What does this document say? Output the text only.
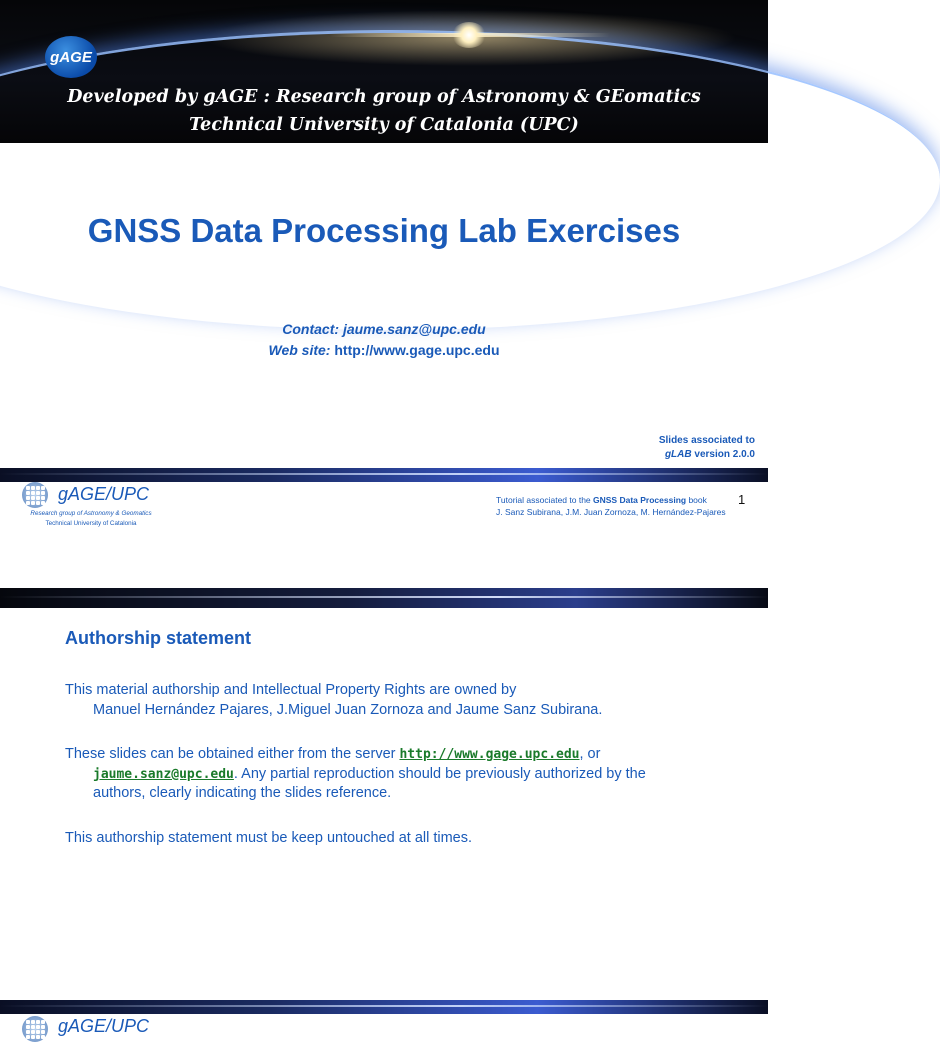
gAGE
Developed by gAGE : Research group of Astronomy & GEomatics
Technical University of Catalonia (UPC)
GNSS Data Processing Lab Exercises
Contact: jaume.sanz@upc.edu
Web site: http://www.gage.upc.edu
Slides associated to
gLAB version 2.0.0
gAGE/UPC
Research group of Astronomy & Geomatics
Technical University of Catalonia
Tutorial associated to the GNSS Data Processing book
J. Sanz Subirana, J.M. Juan Zornoza, M. Hernández-Pajares
1
Authorship statement
This material authorship and Intellectual Property Rights are owned by
Manuel Hernández Pajares, J.Miguel Juan Zornoza and Jaume Sanz Subirana.
These slides can be obtained either from the server http://www.gage.upc.edu, or
jaume.sanz@upc.edu. Any partial reproduction should be previously authorized by the
authors, clearly indicating the slides reference.
This authorship statement must be keep untouched at all times.
gAGE/UPC
